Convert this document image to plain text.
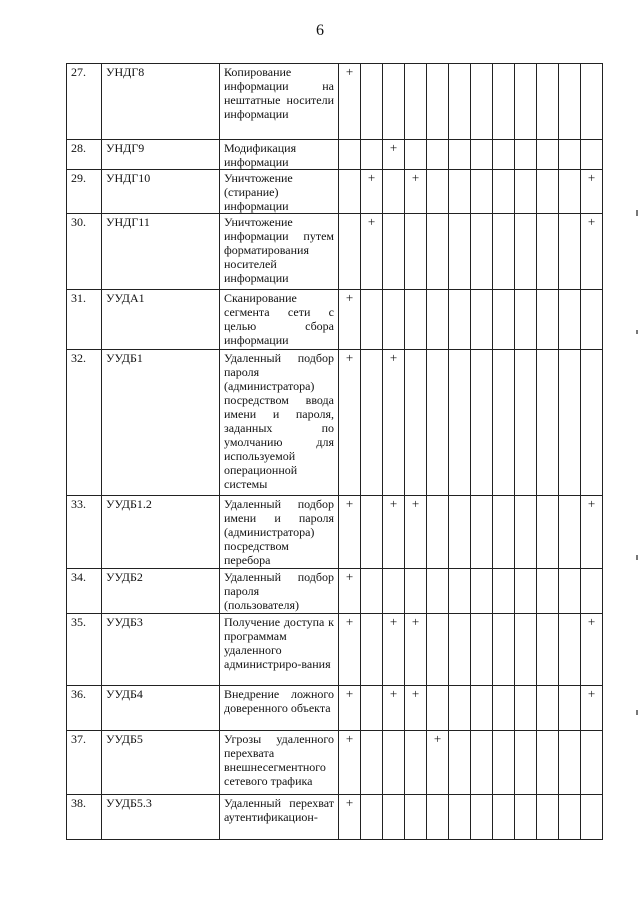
6
27.	УНДГ8	Копирование информации на нештатные носители информации	+											
28.	УНДГ9	Модификация информации			+									
29.	УНДГ10	Уничтожение (стирание) информации		+		+								+
30.	УНДГ11	Уничтожение информации путем форматирования носителей информации		+										+
31.	УУДА1	Сканирование сегмента сети с целью сбора информации	+											
32.	УУДБ1	Удаленный подбор пароля (администратора) посредством ввода имени и пароля, заданных по умолчанию для используемой операционной системы	+		+									
33.	УУДБ1.2	Удаленный подбор имени и пароля (администратора) посредством перебора	+		+	+								+
34.	УУДБ2	Удаленный подбор пароля (пользователя)	+											
35.	УУДБ3	Получение доступа к программам удаленного администриро-вания	+		+	+								+
36.	УУДБ4	Внедрение ложного доверенного объекта	+		+	+								+
37.	УУДБ5	Угрозы удаленного перехвата внешнесегментного сетевого трафика	+				+							
38.	УУДБ5.3	Удаленный перехват аутентификацион-	+											
